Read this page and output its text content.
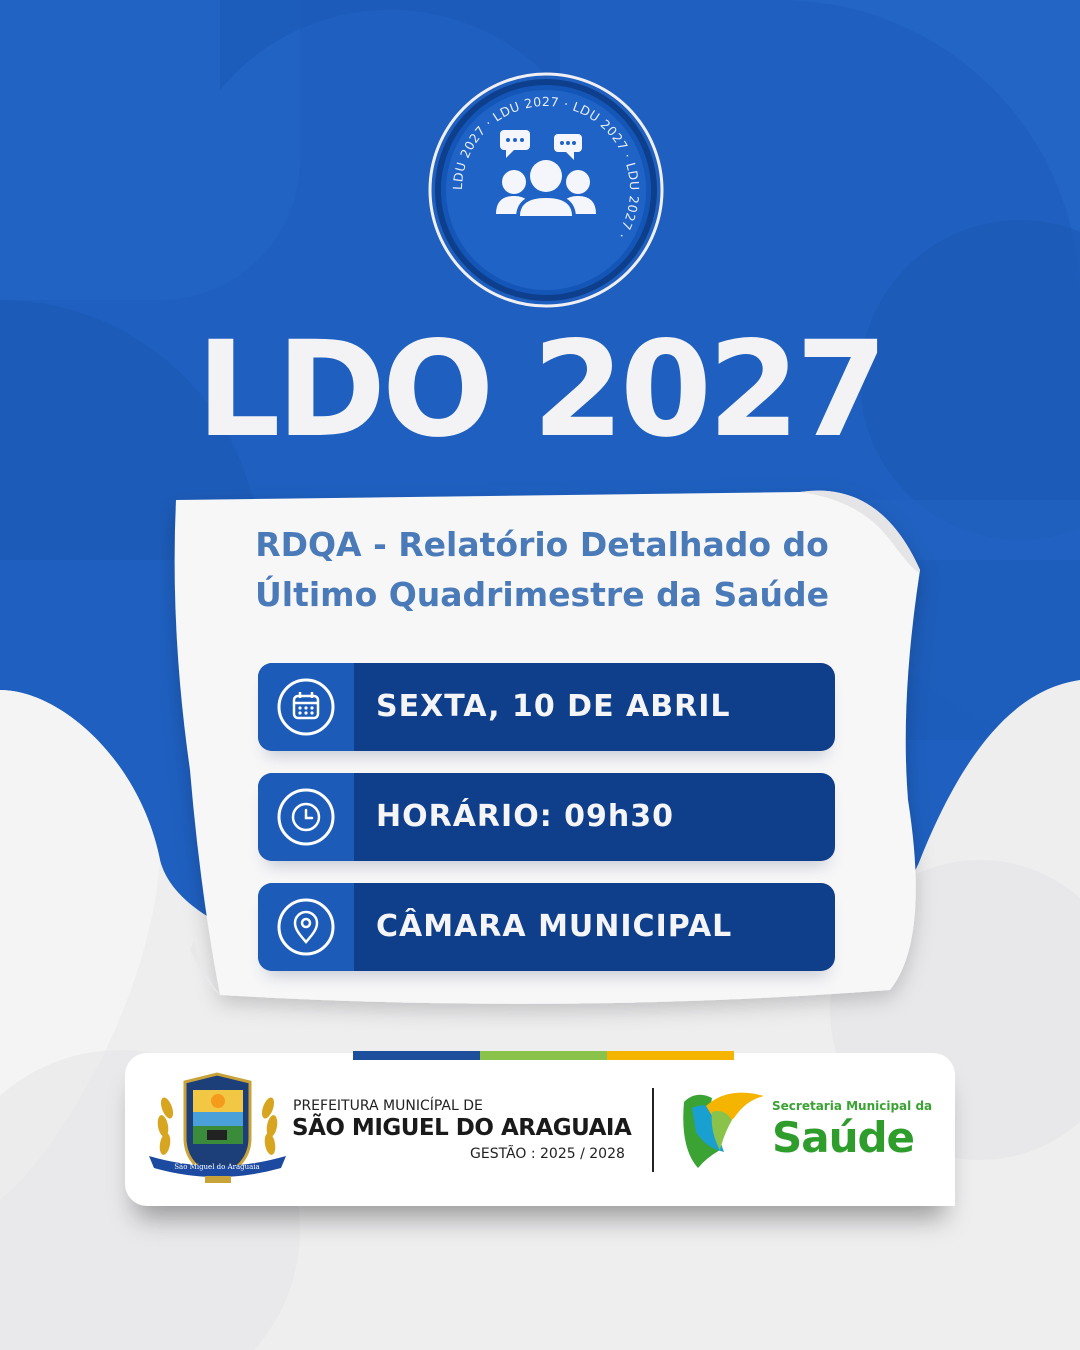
LDU 2027 · LDU 2027 · LDU 2027 · LDU 2027 ·
LDO 2027
RDQA - Relatório Detalhado do
Último Quadrimestre da Saúde
SEXTA, 10 DE ABRIL
HORÁRIO: 09h30
CÂMARA MUNICIPAL
São Miguel do Araguaia
PREFEITURA MUNICÍPAL DE
SÃO MIGUEL DO ARAGUAIA
GESTÃO : 2025 / 2028
Secretaria Municipal da
Saúde
